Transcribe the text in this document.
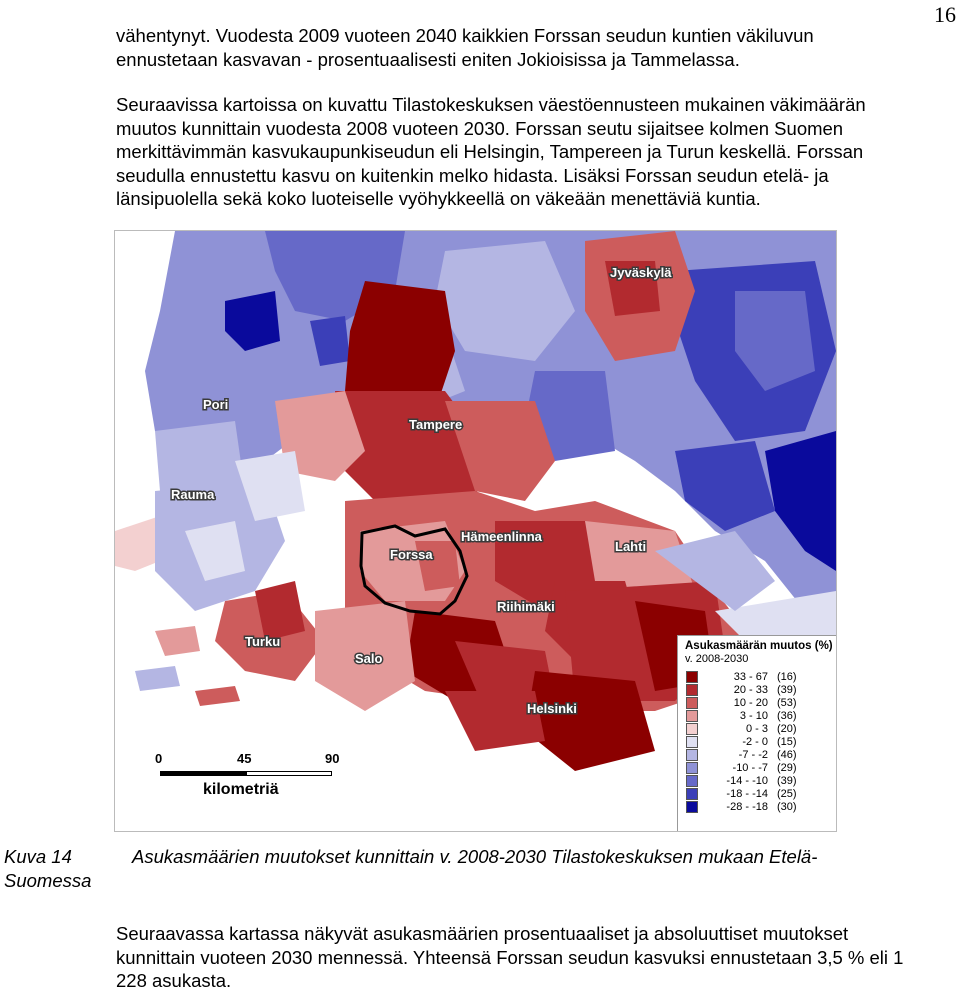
16

vähentynyt. Vuodesta 2009 vuoteen 2040 kaikkien Forssan seudun kuntien väkiluvun ennustetaan kasvavan - prosentuaalisesti eniten Jokioisissa ja Tammelassa.

Seuraavissa kartoissa on kuvattu Tilastokeskuksen väestöennusteen mukainen väkimäärän muutos kunnittain vuodesta 2008 vuoteen 2030. Forssan seutu sijaitsee kolmen Suomen merkittävimmän kasvukaupunkiseudun eli Helsingin, Tampereen ja Turun keskellä. Forssan seudulla ennustettu kasvu on kuitenkin melko hidasta. Lisäksi Forssan seudun etelä- ja länsipuolella sekä koko luoteiselle vyöhykkeellä on väkeään menettäviä kuntia.

Jyväskylä
Pori
Tampere
Rauma
Hämeenlinna
Lahti
Forssa
Riihimäki
Turku
Salo
Helsinki
Asukasmäärän muutos (%)
v. 2008-2030
33 - 67 (16)
20 - 33 (39)
10 - 20 (53)
3 - 10 (36)
0 - 3 (20)
-2 - 0 (15)
-7 - -2 (46)
-10 - -7 (29)
-14 - -10 (39)
-18 - -14 (25)
-28 - -18 (30)
0	45	90
kilometriä
Kuva 14 Suomessa
Asukasmäärien muutokset kunnittain v. 2008-2030 Tilastokeskuksen mukaan Etelä-

Seuraavassa kartassa näkyvät asukasmäärien prosentuaaliset ja absoluuttiset muutokset kunnittain vuoteen 2030 mennessä. Yhteensä Forssan seudun kasvuksi ennustetaan 3,5 % eli 1 228 asukasta.
